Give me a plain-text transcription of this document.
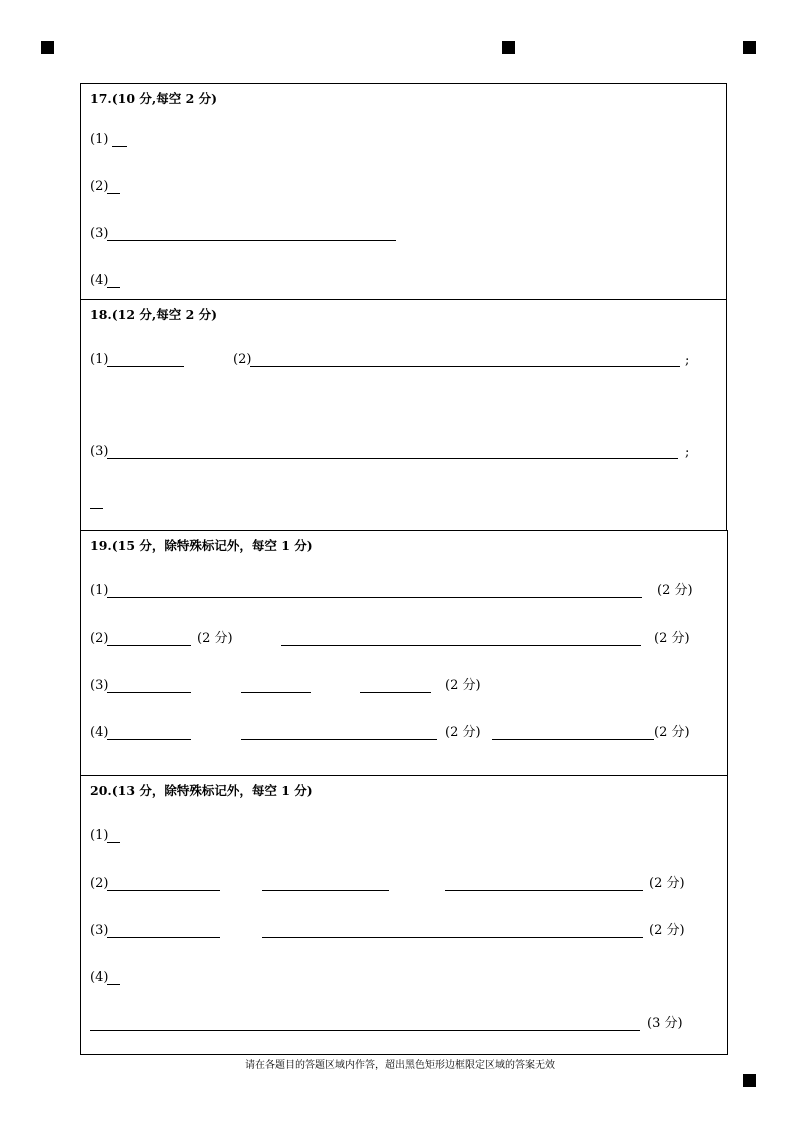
17.(10 分,每空 2 分)
(1)
(2)
(3)
(4)
18.(12 分,每空 2 分)
(1)	(2)	;
(3)	;
19.(15 分，除特殊标记外，每空 1 分)
(1)	(2 分)
(2)	(2 分)	(2 分)
(3)	(2 分)
(4)	(2 分)	(2 分)
20.(13 分，除特殊标记外，每空 1 分)
(1)
(2)	(2 分)
(3)	(2 分)
(4)
(3 分)
请在各题目的答题区域内作答，超出黑色矩形边框限定区域的答案无效
